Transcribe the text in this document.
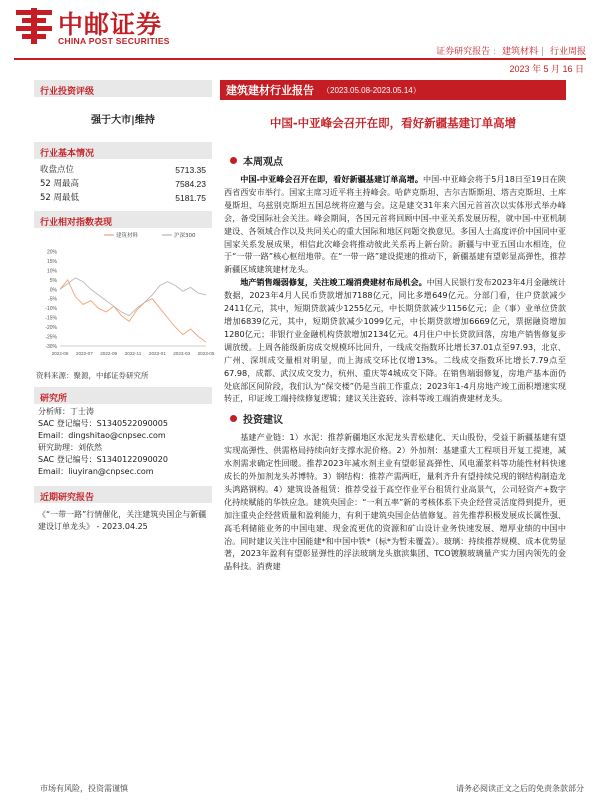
中邮证券
CHINA POST SECURITIES
证券研究报告 : 建筑材料 | 行业周报
2023 年 5 月 16 日
行业投资评级
强于大市|维持
行业基本情况
收盘点位	5713.35
52 周最高	7584.23
52 周最低	5181.75
行业相对指数表现
20%
15%
10%
5%
0%
-5%
-10%
-15%
-20%
-25%
-30%
2022-05 2022-07 2022-09 2022-11 2023-01 2023-03 2023-05
建筑材料	沪深300
资料来源：聚源，中邮证券研究所
研究所
分析师：丁士涛
SAC 登记编号：S1340522090005
Email：dingshitao@cnpsec.com
研究助理：刘依然
SAC 登记编号：S1340122090020
Email：liuyiran@cnpsec.com
近期研究报告
《“一带一路”行情催化，关注建筑央国企与新疆建设订单龙头》 - 2023.04.25
建筑建材行业报告 （2023.05.08-2023.05.14）
中国-中亚峰会召开在即，看好新疆基建订单高增
本周观点

中国-中亚峰会召开在即，看好新疆基建订单高增。中国-中亚峰会将于5月18日至19日在陕西省西安市举行。国家主席习近平将主持峰会。哈萨克斯坦、吉尔吉斯斯坦、塔吉克斯坦、土库曼斯坦、乌兹别克斯坦五国总统将应邀与会。这是建交31年来六国元首首次以实体形式举办峰会，备受国际社会关注。峰会期间，各国元首将回顾中国-中亚关系发展历程，就中国-中亚机制建设、各领域合作以及共同关心的重大国际和地区问题交换意见。多国人士高度评价中国同中亚国家关系发展成果，相信此次峰会将推动彼此关系再上新台阶。新疆与中亚五国山水相连，位于“一带一路”核心枢纽地带。在“一带一路”建设提速的推动下，新疆基建有望彰显高弹性，推荐新疆区域建筑建材龙头。

地产销售端弱修复，关注竣工端消费建材布局机会。中国人民银行发布2023年4月金融统计数据，2023年4月人民币贷款增加7188亿元，同比多增649亿元。分部门看，住户贷款减少2411亿元，其中，短期贷款减少1255亿元，中长期贷款减少1156亿元；企（事）业单位贷款增加6839亿元，其中，短期贷款减少1099亿元，中长期贷款增加6669亿元，票据融资增加1280亿元；非银行业金融机构贷款增加2134亿元。4月住户中长贷款回落，房地产销售修复步调放缓。上周各能级新房成交规模环比回升，一线成交指数环比增长37.01点至97.93，北京、广州、深圳成交量相对明显，而上海成交环比仅增13%。二线成交指数环比增长7.79点至67.98，成都、武汉成交发力，杭州、重庆等4城成交下降。在销售端弱修复，房地产基本面仍处底部区间阶段，我们认为“保交楼”仍是当前工作重点；2023年1-4月房地产竣工面积增速实现转正，印证竣工端持续修复逻辑；建议关注瓷砖、涂料等竣工端消费建材龙头。

投资建议

基建产业链：1）水泥：推荐新疆地区水泥龙头青松建化、天山股份，受益于新疆基建有望实现高弹性、供需格局持续向好支撑水泥价格。2）外加剂：基建重大工程项目开复工提速，减水剂需求确定性回暖。推荐2023年减水剂主业有望彰显高弹性、风电灌浆料等功能性材料快速成长的外加剂龙头苏博特。3）钢结构：推荐产需两旺，量利齐升有望持续兑现的钢结构制造龙头鸿路钢构。4）建筑设备租赁：推荐受益于高空作业平台租赁行业高景气，公司轻资产+数字化持续赋能的华铁应急。建筑央国企：“一利五率”新的考核体系下央企经营灵活度得到提升，更加注重央企经营质量和盈利能力，有利于建筑央国企估值修复。首先推荐积极发展成长属性强、高毛利储能业务的中国电建、现金流更优的资源和矿山设计业务快速发展、增厚业绩的中国中冶。同时建议关注中国能建*和中国中铁*（标*为暂未覆盖）。玻璃：持续推荐规模、成本优势显著，2023年盈利有望彰显弹性的浮法玻璃龙头旗滨集团、TCO镀膜玻璃量产实力国内领先的金晶科技。消费建

市场有风险，投资需谨慎	请务必阅读正文之后的免责条款部分
